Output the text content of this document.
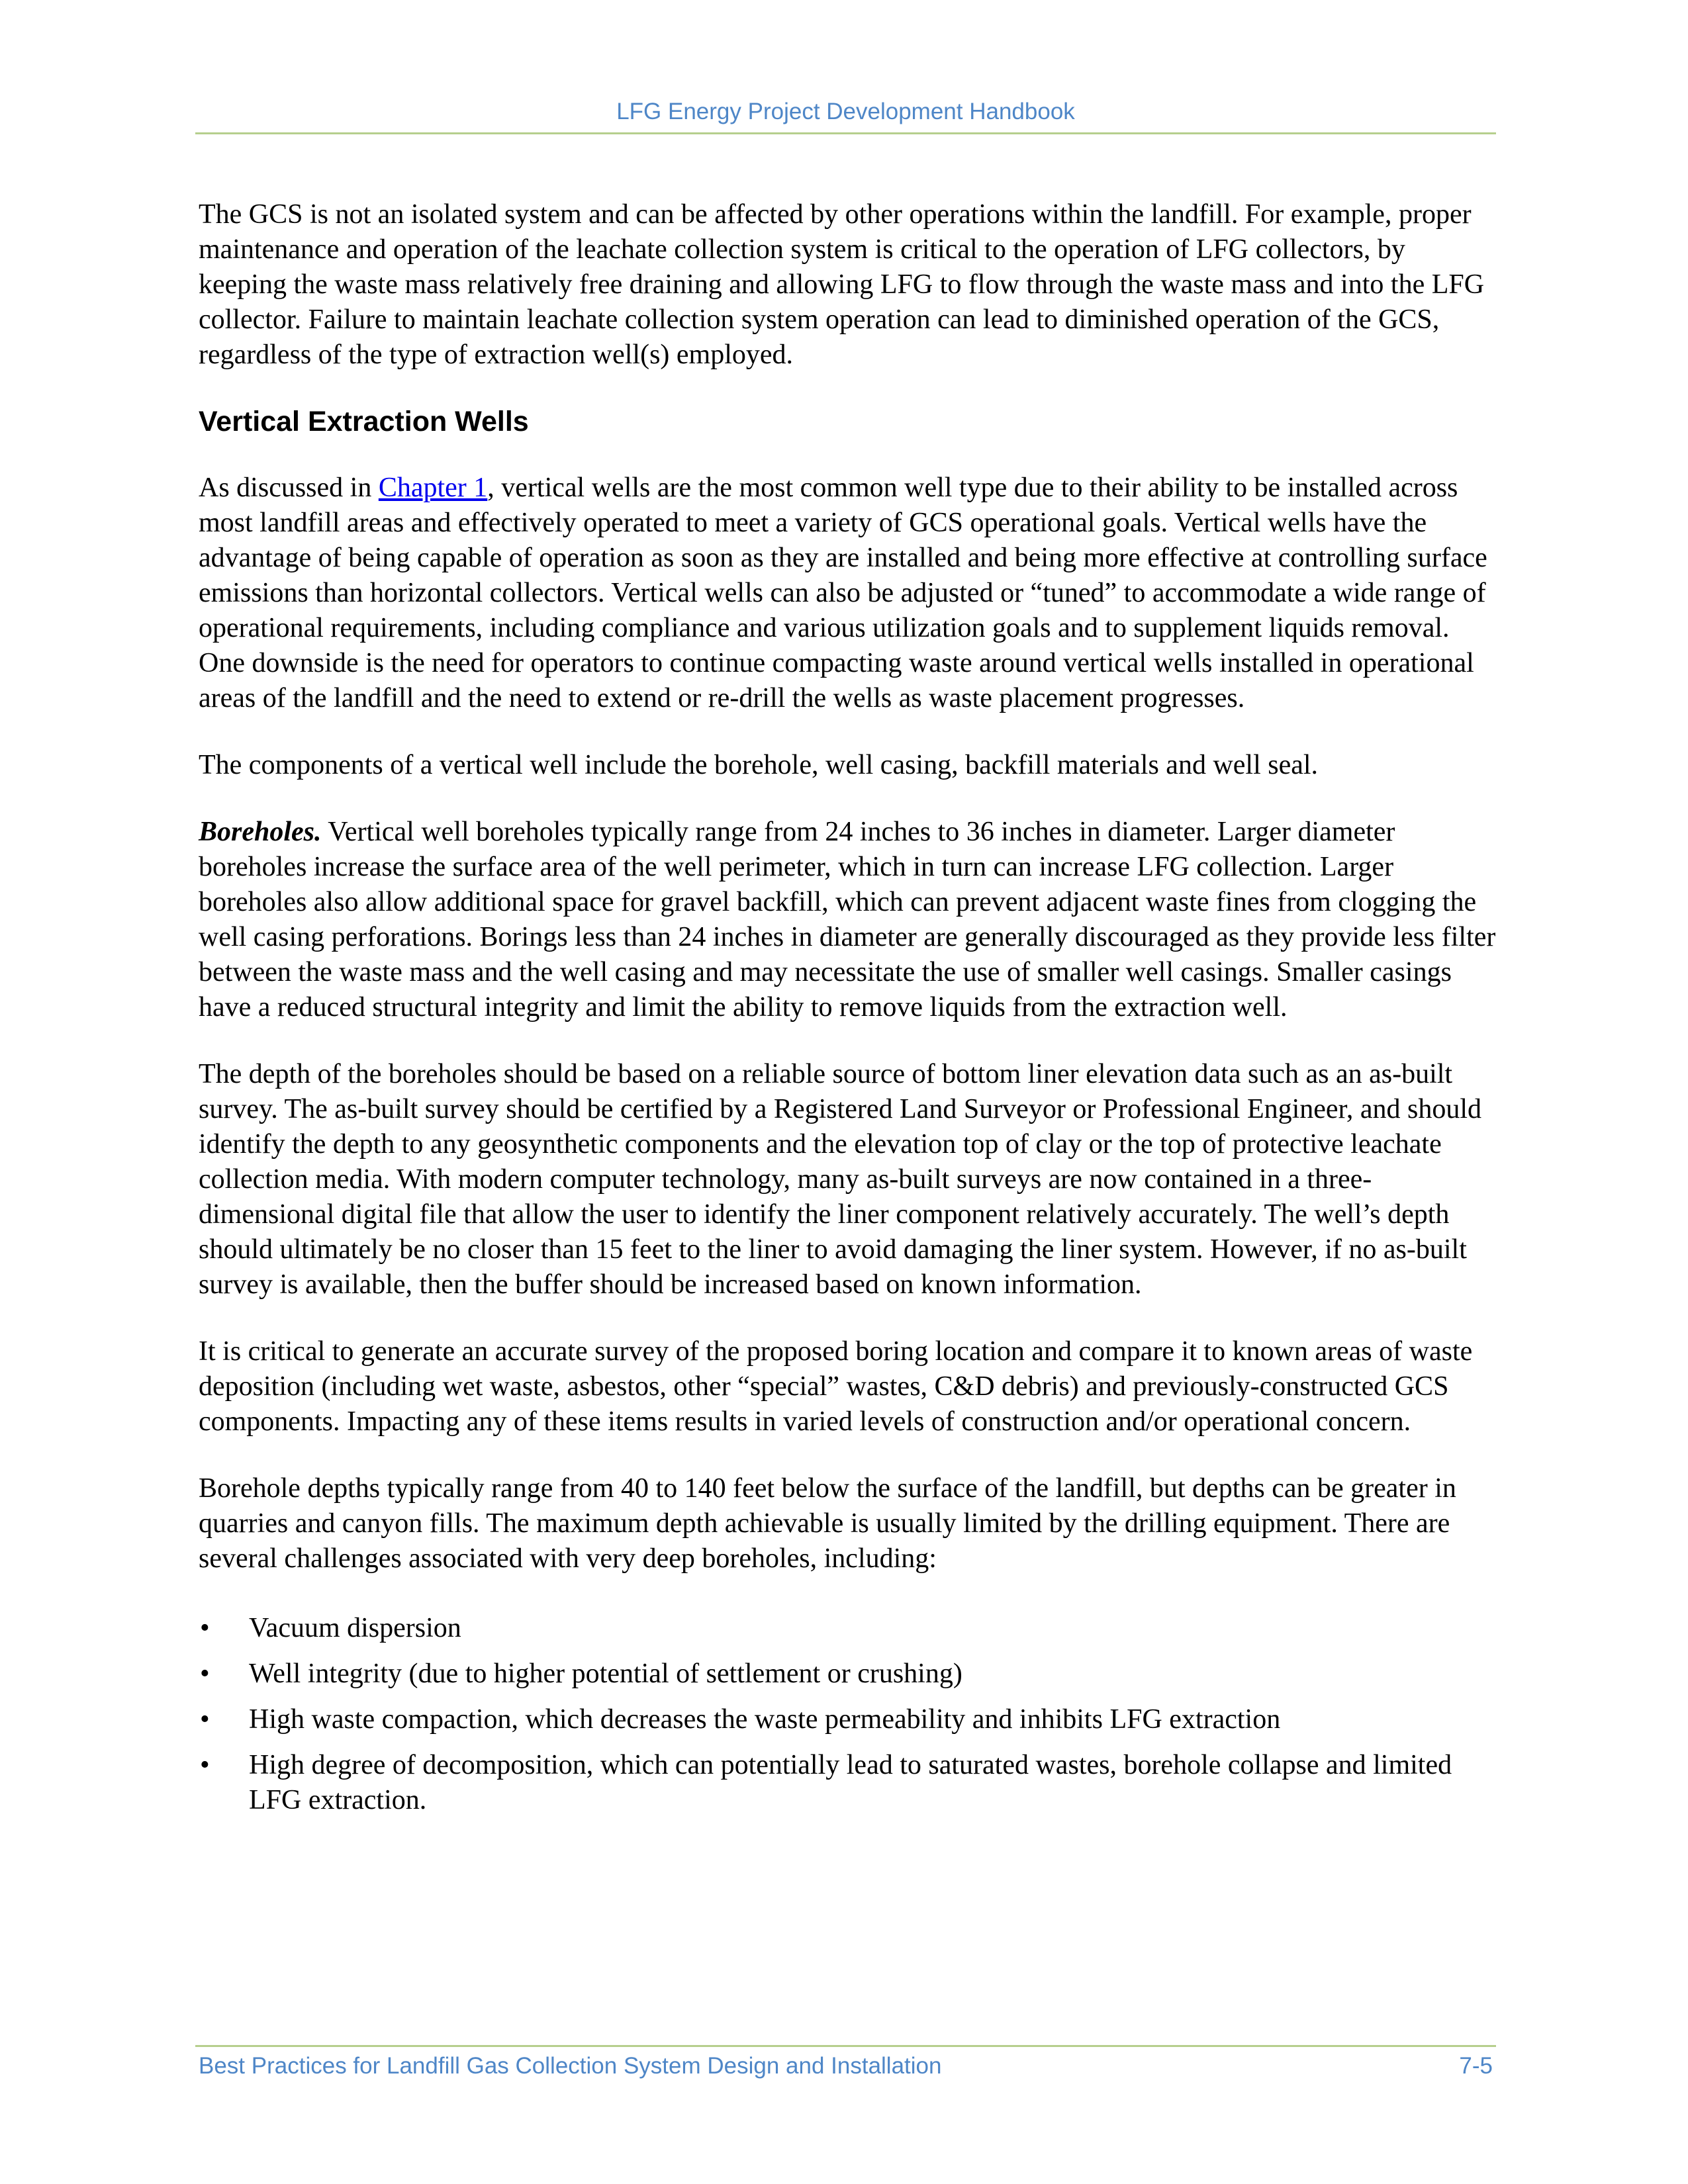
LFG Energy Project Development Handbook

The GCS is not an isolated system and can be affected by other operations within the landfill. For example, proper maintenance and operation of the leachate collection system is critical to the operation of LFG collectors, by keeping the waste mass relatively free draining and allowing LFG to flow through the waste mass and into the LFG collector. Failure to maintain leachate collection system operation can lead to diminished operation of the GCS, regardless of the type of extraction well(s) employed.

Vertical Extraction Wells

As discussed in Chapter 1, vertical wells are the most common well type due to their ability to be installed across most landfill areas and effectively operated to meet a variety of GCS operational goals. Vertical wells have the advantage of being capable of operation as soon as they are installed and being more effective at controlling surface emissions than horizontal collectors. Vertical wells can also be adjusted or “tuned” to accommodate a wide range of operational requirements, including compliance and various utilization goals and to supplement liquids removal. One downside is the need for operators to continue compacting waste around vertical wells installed in operational areas of the landfill and the need to extend or re-drill the wells as waste placement progresses.

The components of a vertical well include the borehole, well casing, backfill materials and well seal.

Boreholes. Vertical well boreholes typically range from 24 inches to 36 inches in diameter. Larger diameter boreholes increase the surface area of the well perimeter, which in turn can increase LFG collection. Larger boreholes also allow additional space for gravel backfill, which can prevent adjacent waste fines from clogging the well casing perforations. Borings less than 24 inches in diameter are generally discouraged as they provide less filter between the waste mass and the well casing and may necessitate the use of smaller well casings. Smaller casings have a reduced structural integrity and limit the ability to remove liquids from the extraction well.

The depth of the boreholes should be based on a reliable source of bottom liner elevation data such as an as-built survey. The as-built survey should be certified by a Registered Land Surveyor or Professional Engineer, and should identify the depth to any geosynthetic components and the elevation top of clay or the top of protective leachate collection media. With modern computer technology, many as-built surveys are now contained in a three-dimensional digital file that allow the user to identify the liner component relatively accurately. The well’s depth should ultimately be no closer than 15 feet to the liner to avoid damaging the liner system. However, if no as-built survey is available, then the buffer should be increased based on known information.

It is critical to generate an accurate survey of the proposed boring location and compare it to known areas of waste deposition (including wet waste, asbestos, other “special” wastes, C&D debris) and previously-constructed GCS components. Impacting any of these items results in varied levels of construction and/or operational concern.

Borehole depths typically range from 40 to 140 feet below the surface of the landfill, but depths can be greater in quarries and canyon fills. The maximum depth achievable is usually limited by the drilling equipment. There are several challenges associated with very deep boreholes, including:

• Vacuum dispersion
• Well integrity (due to higher potential of settlement or crushing)
• High waste compaction, which decreases the waste permeability and inhibits LFG extraction
• High degree of decomposition, which can potentially lead to saturated wastes, borehole collapse and limited LFG extraction.
Best Practices for Landfill Gas Collection System Design and Installation	7-5
